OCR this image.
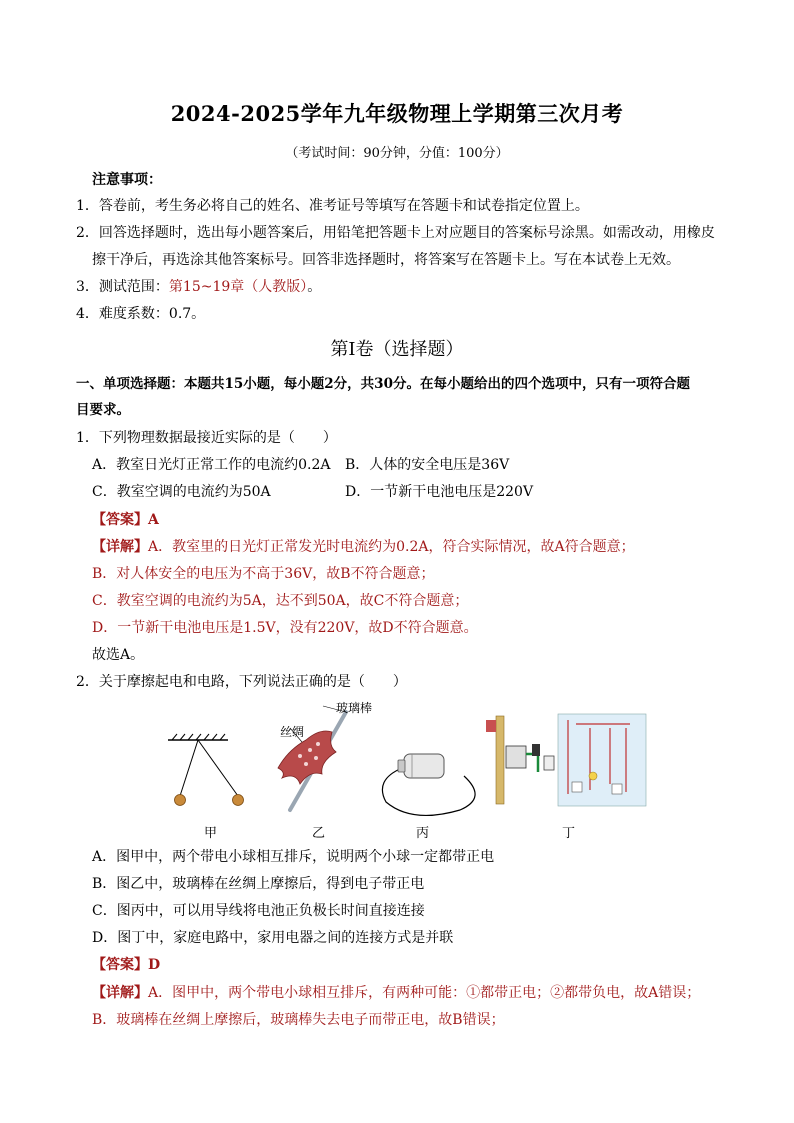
2024-2025学年九年级物理上学期第三次月考
（考试时间：90分钟，分值：100分）
注意事项：
1．答卷前，考生务必将自己的姓名、准考证号等填写在答题卡和试卷指定位置上。
2．回答选择题时，选出每小题答案后，用铅笔把答题卡上对应题目的答案标号涂黑。如需改动，用橡皮
擦干净后，再选涂其他答案标号。回答非选择题时，将答案写在答题卡上。写在本试卷上无效。
3．测试范围：第15~19章（人教版）。
4．难度系数：0.7。
第Ⅰ卷（选择题）
一、单项选择题：本题共15小题，每小题2分，共30分。在每小题给出的四个选项中，只有一项符合题
目要求。
1．下列物理数据最接近实际的是（　　）
A．教室日光灯正常工作的电流约0.2A B．人体的安全电压是36V
C．教室空调的电流约为50A	D．一节新干电池电压是220V
【答案】A
【详解】A．教室里的日光灯正常发光时电流约为0.2A，符合实际情况，故A符合题意；
B．对人体安全的电压为不高于36V，故B不符合题意；
C．教室空调的电流约为5A，达不到50A，故C不符合题意；
D．一节新干电池电压是1.5V，没有220V，故D不符合题意。
故选A。
2．关于摩擦起电和电路，下列说法正确的是（　　）
玻璃棒
丝绸
甲	乙	丙	丁
A．图甲中，两个带电小球相互排斥，说明两个小球一定都带正电
B．图乙中，玻璃棒在丝绸上摩擦后，得到电子带正电
C．图丙中，可以用导线将电池正负极长时间直接连接
D．图丁中，家庭电路中，家用电器之间的连接方式是并联
【答案】D
【详解】A．图甲中，两个带电小球相互排斥，有两种可能：①都带正电；②都带负电，故A错误；
B．玻璃棒在丝绸上摩擦后，玻璃棒失去电子而带正电，故B错误；
